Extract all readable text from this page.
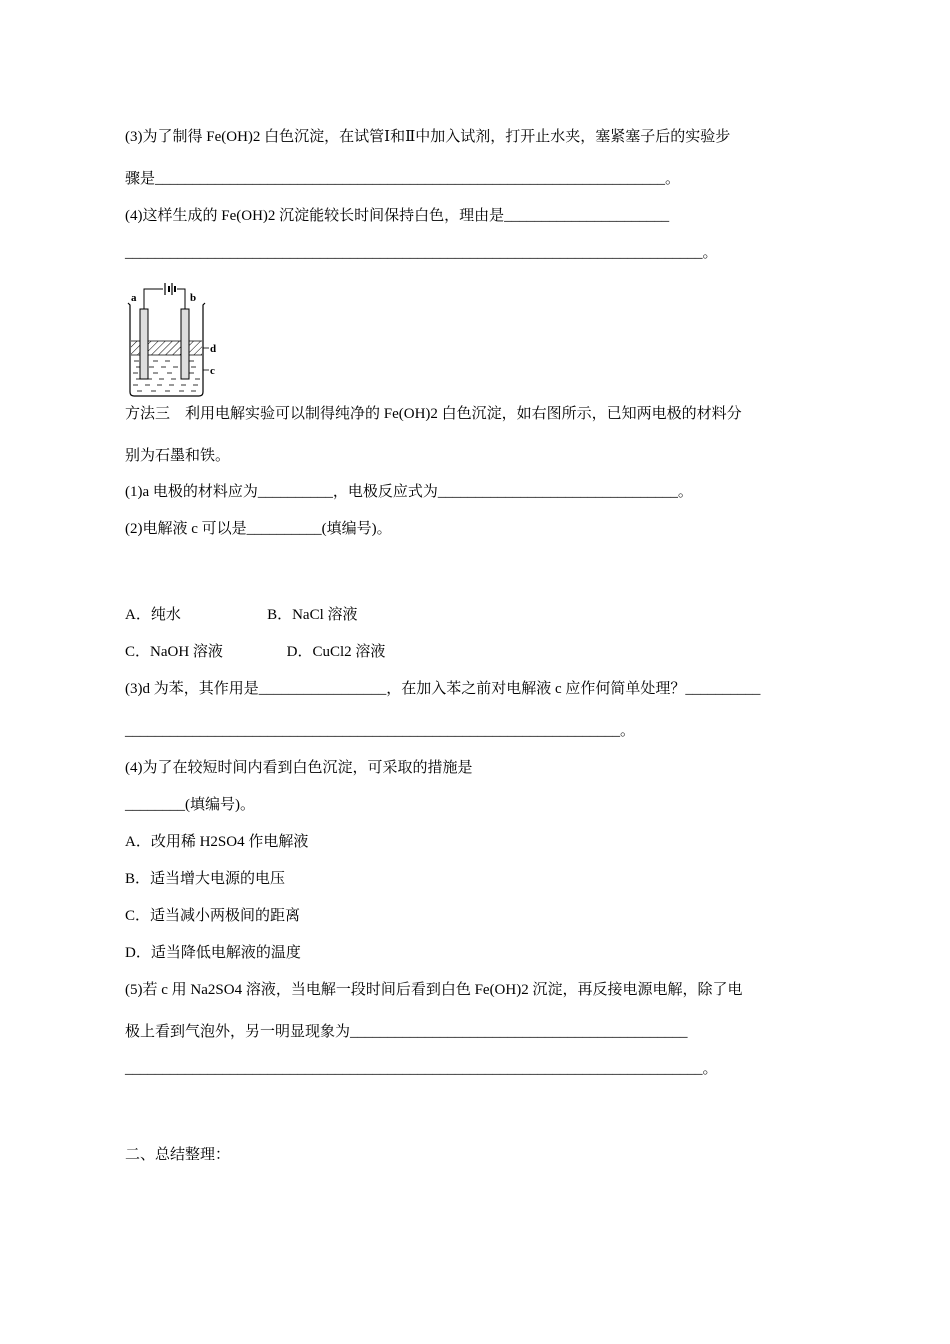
(3)为了制得 Fe(OH)2 白色沉淀，在试管Ⅰ和Ⅱ中加入试剂，打开止水夹，塞紧塞子后的实验步
骤是____________________________________________________________________。
(4)这样生成的 Fe(OH)2 沉淀能较长时间保持白色，理由是______________________
_____________________________________________________________________________。
a	b
d
c
方法三　利用电解实验可以制得纯净的 Fe(OH)2 白色沉淀，如右图所示，已知两电极的材料分
别为石墨和铁。
(1)a 电极的材料应为__________，电极反应式为________________________________。
(2)电解液 c 可以是__________(填编号)。
A．纯水                       B．NaCl 溶液
C．NaOH 溶液                 D．CuCl2 溶液
(3)d 为苯，其作用是_________________，在加入苯之前对电解液 c 应作何简单处理？__________
__________________________________________________________________。
(4)为了在较短时间内看到白色沉淀，可采取的措施是
________(填编号)。
A．改用稀 H2SO4 作电解液
B．适当增大电源的电压
C．适当减小两极间的距离
D．适当降低电解液的温度
(5)若 c 用 Na2SO4 溶液，当电解一段时间后看到白色 Fe(OH)2 沉淀，再反接电源电解，除了电
极上看到气泡外，另一明显现象为_____________________________________________
_____________________________________________________________________________。
二、总结整理：
